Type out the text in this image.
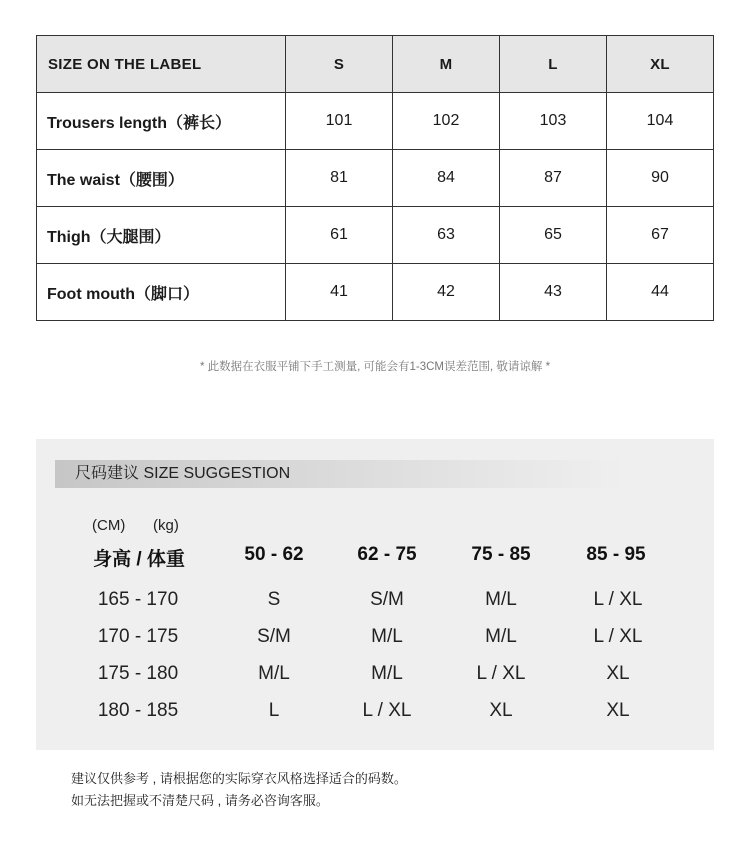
SIZE ON THE LABEL	S	M	L	XL
Trousers length（裤长）	101	102	103	104
The waist（腰围）	81	84	87	90
Thigh（大腿围）	61	63	65	67
Foot mouth（脚口）	41	42	43	44
* 此数据在衣服平铺下手工测量, 可能会有1-3CM误差范围, 敬请谅解 *
尺码建议 SIZE SUGGESTION
(CM) (kg)
身高 / 体重	50 - 62	62 - 75	75 - 85	85 - 95
165 - 170	S	S/M	M/L	L / XL
170 - 175	S/M	M/L	M/L	L / XL
175 - 180	M/L	M/L	L / XL	XL
180 - 185	L	L / XL	XL	XL
建议仅供参考 , 请根据您的实际穿衣风格选择适合的码数。
如无法把握或不清楚尺码 , 请务必咨询客服。
